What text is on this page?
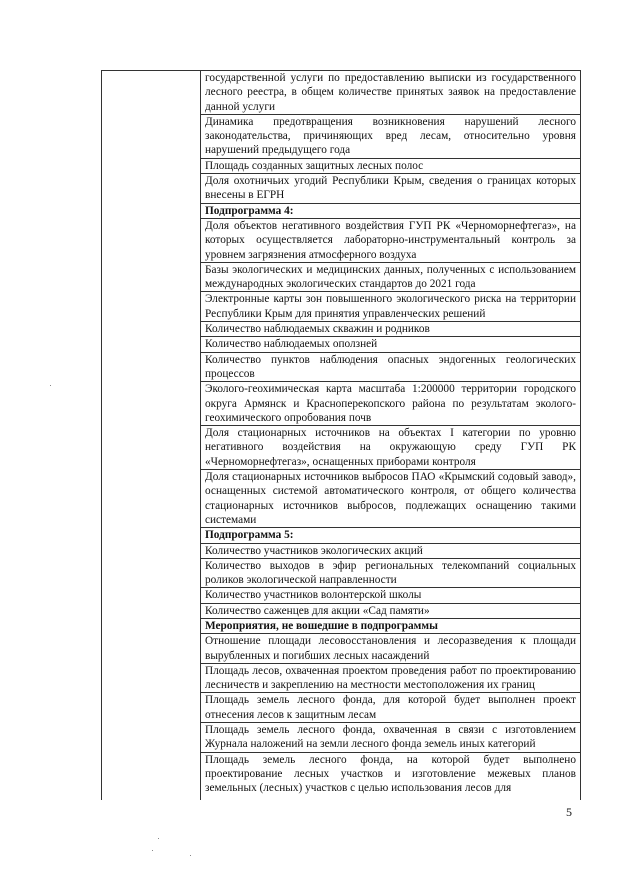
государственной услуги по предоставлению выписки из государственного лесного реестра, в общем количестве принятых заявок на предоставление данной услуги
Динамика предотвращения возникновения нарушений лесного законодательства, причиняющих вред лесам, относительно уровня нарушений предыдущего года
Площадь созданных защитных лесных полос
Доля охотничьих угодий Республики Крым, сведения о границах которых внесены в ЕГРН
Подпрограмма 4:
Доля объектов негативного воздействия ГУП РК «Черноморнефтегаз», на которых осуществляется лабораторно-инструментальный контроль за уровнем загрязнения атмосферного воздуха
Базы экологических и медицинских данных, полученных с использованием международных экологических стандартов до 2021 года
Электронные карты зон повышенного экологического риска на территории Республики Крым для принятия управленческих решений
Количество наблюдаемых скважин и родников
Количество наблюдаемых оползней
Количество пунктов наблюдения опасных эндогенных геологических процессов
Эколого-геохимическая карта масштаба 1:200000 территории городского округа Армянск и Красноперекопского района по результатам эколого-геохимического опробования почв
Доля стационарных источников на объектах I категории по уровню негативного воздействия на окружающую среду ГУП РК «Черноморнефтегаз», оснащенных приборами контроля
Доля стационарных источников выбросов ПАО «Крымский содовый завод», оснащенных системой автоматического контроля, от общего количества стационарных источников выбросов, подлежащих оснащению такими системами
Подпрограмма 5:
Количество участников экологических акций
Количество выходов в эфир региональных телекомпаний социальных роликов экологической направленности
Количество участников волонтерской школы
Количество саженцев для акции «Сад памяти»
Мероприятия, не вошедшие в подпрограммы
Отношение площади лесовосстановления и лесоразведения к площади вырубленных и погибших лесных насаждений
Площадь лесов, охваченная проектом проведения работ по проектированию лесничеств и закреплению на местности местоположения их границ
Площадь земель лесного фонда, для которой будет выполнен проект отнесения лесов к защитным лесам
Площадь земель лесного фонда, охваченная в связи с изготовлением Журнала наложений на земли лесного фонда земель иных категорий
Площадь земель лесного фонда, на которой будет выполнено проектирование лесных участков и изготовление межевых планов земельных (лесных) участков с целью использования лесов для
5
